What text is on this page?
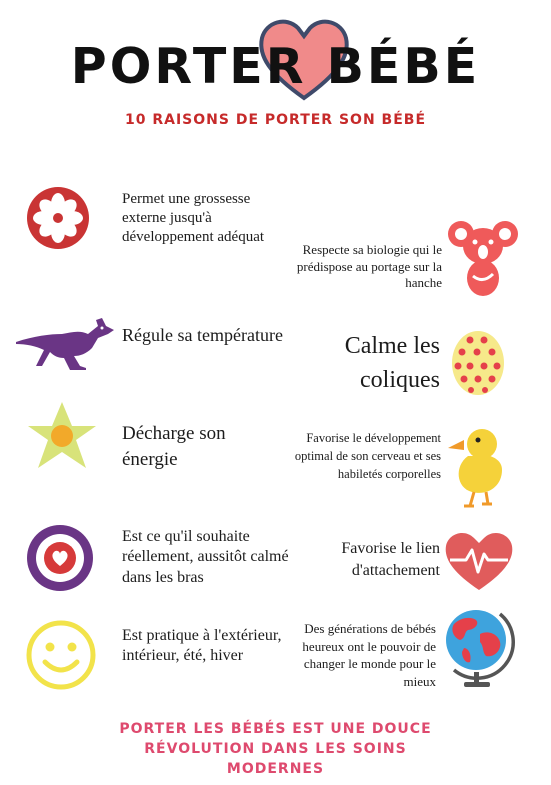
PORTER BÉBÉ
10 RAISONS DE PORTER SON BÉBÉ
Permet une grossesse externe jusqu'à développement adéquat
Respecte sa biologie qui le prédispose au portage sur la hanche
Régule sa température	Calme les coliques
Décharge son énergie
Favorise le développement optimal de son cerveau et ses habiletés corporelles
Est ce qu'il souhaite réellement, aussitôt calmé dans les bras
Favorise le lien d'attachement
Est pratique à l'extérieur, intérieur, été, hiver
Des générations de bébés heureux ont le pouvoir de changer le monde pour le mieux
PORTER LES BÉBÉS EST UNE DOUCE
RÉVOLUTION DANS LES SOINS
MODERNES
